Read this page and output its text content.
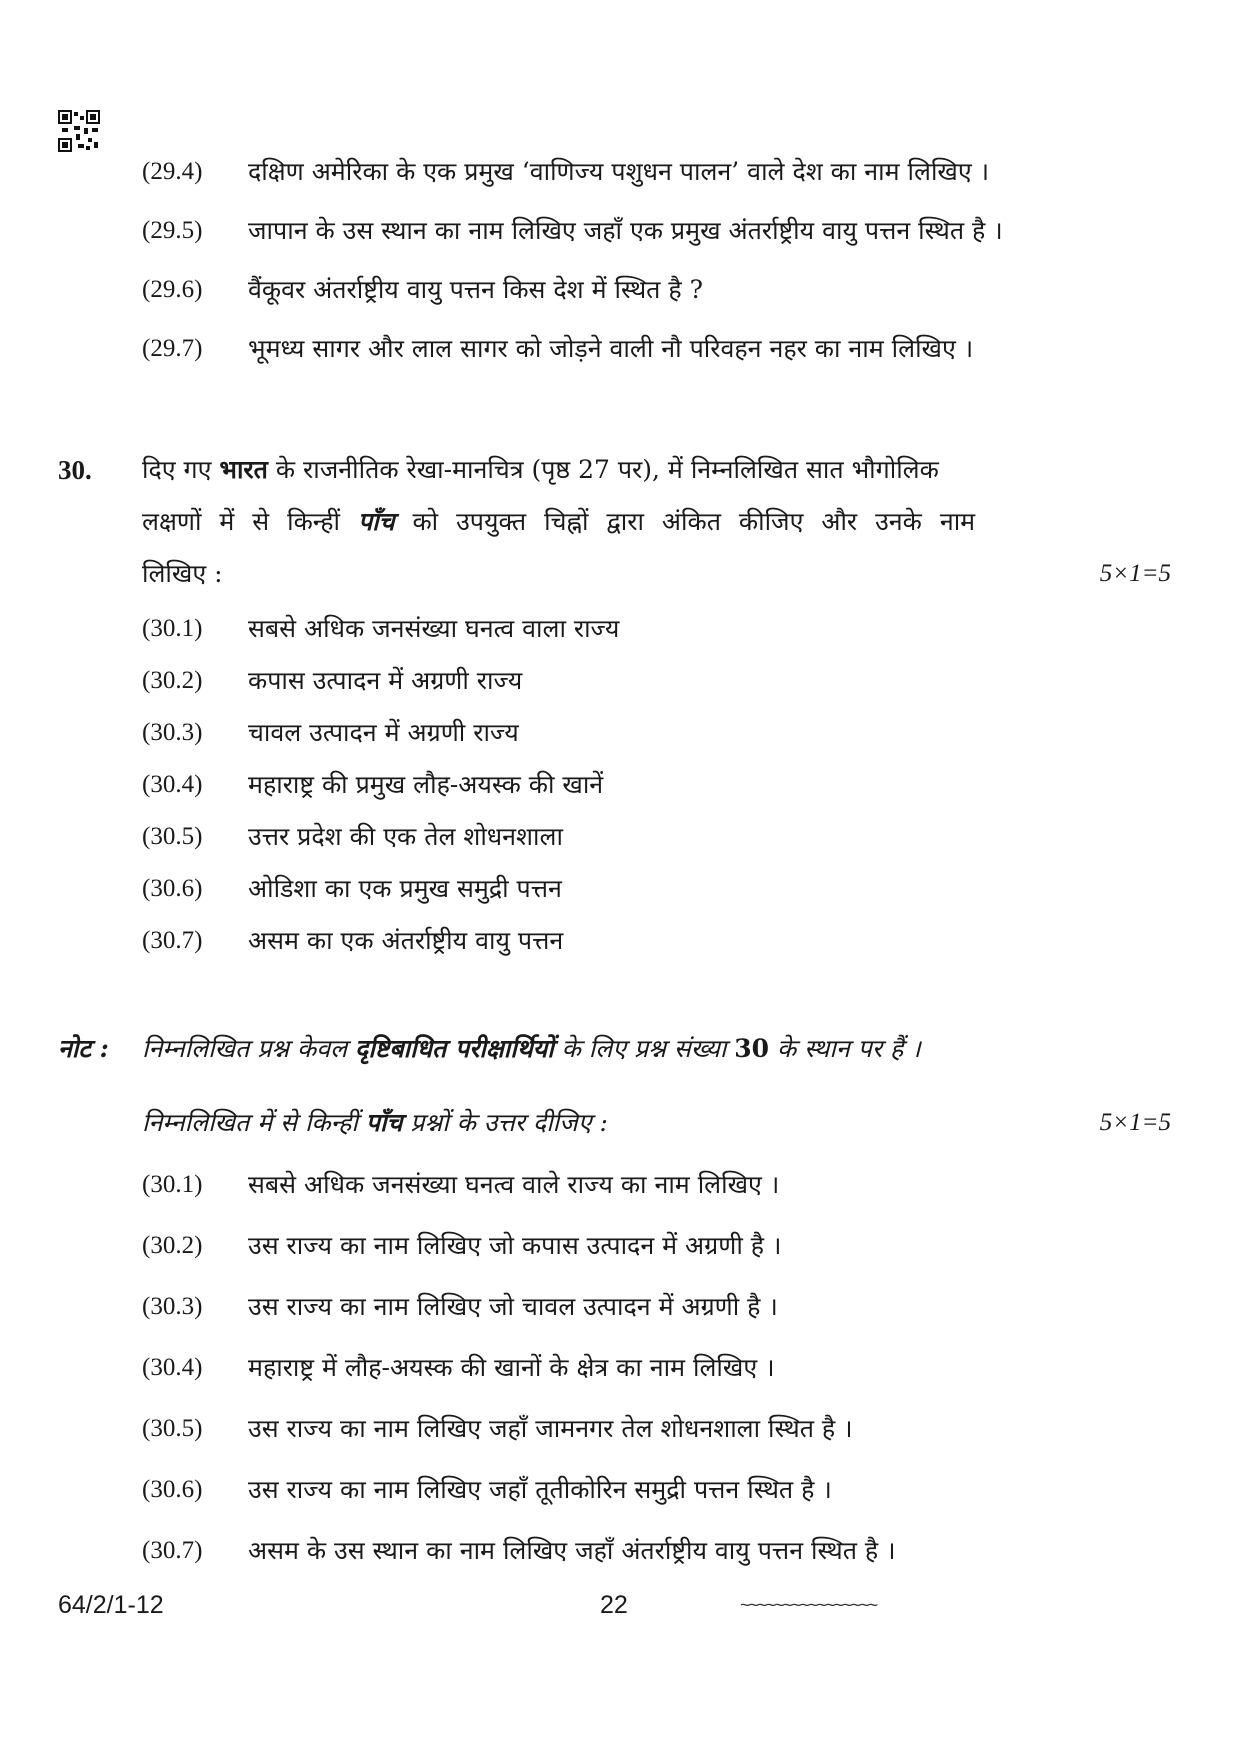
(29.4) दक्षिण अमेरिका के एक प्रमुख ‘वाणिज्य पशुधन पालन’ वाले देश का नाम लिखिए ।
(29.5) जापान के उस स्थान का नाम लिखिए जहाँ एक प्रमुख अंतर्राष्ट्रीय वायु पत्तन स्थित है ।
(29.6) वैंकूवर अंतर्राष्ट्रीय वायु पत्तन किस देश में स्थित है ?
(29.7) भूमध्य सागर और लाल सागर को जोड़ने वाली नौ परिवहन नहर का नाम लिखिए ।
30. दिए गए भारत के राजनीतिक रेखा-मानचित्र (पृष्ठ 27 पर), में निम्नलिखित सात भौगोलिक
लक्षणों में से किन्हीं पाँच को उपयुक्त चिह्नों द्वारा अंकित कीजिए और उनके नाम
लिखिए :	5×1=5
(30.1) सबसे अधिक जनसंख्या घनत्व वाला राज्य
(30.2) कपास उत्पादन में अग्रणी राज्य
(30.3) चावल उत्पादन में अग्रणी राज्य
(30.4) महाराष्ट्र की प्रमुख लौह-अयस्क की खानें
(30.5) उत्तर प्रदेश की एक तेल शोधनशाला
(30.6) ओडिशा का एक प्रमुख समुद्री पत्तन
(30.7) असम का एक अंतर्राष्ट्रीय वायु पत्तन
नोट : निम्नलिखित प्रश्न केवल दृष्टिबाधित परीक्षार्थियों के लिए प्रश्न संख्या 30 के स्थान पर हैं ।
निम्नलिखित में से किन्हीं पाँच प्रश्नों के उत्तर दीजिए :	5×1=5
(30.1) सबसे अधिक जनसंख्या घनत्व वाले राज्य का नाम लिखिए ।
(30.2) उस राज्य का नाम लिखिए जो कपास उत्पादन में अग्रणी है ।
(30.3) उस राज्य का नाम लिखिए जो चावल उत्पादन में अग्रणी है ।
(30.4) महाराष्ट्र में लौह-अयस्क की खानों के क्षेत्र का नाम लिखिए ।
(30.5) उस राज्य का नाम लिखिए जहाँ जामनगर तेल शोधनशाला स्थित है ।
(30.6) उस राज्य का नाम लिखिए जहाँ तूतीकोरिन समुद्री पत्तन स्थित है ।
(30.7) असम के उस स्थान का नाम लिखिए जहाँ अंतर्राष्ट्रीय वायु पत्तन स्थित है ।
64/2/1-12	22	~~~~~~~~~~~~~~~~
